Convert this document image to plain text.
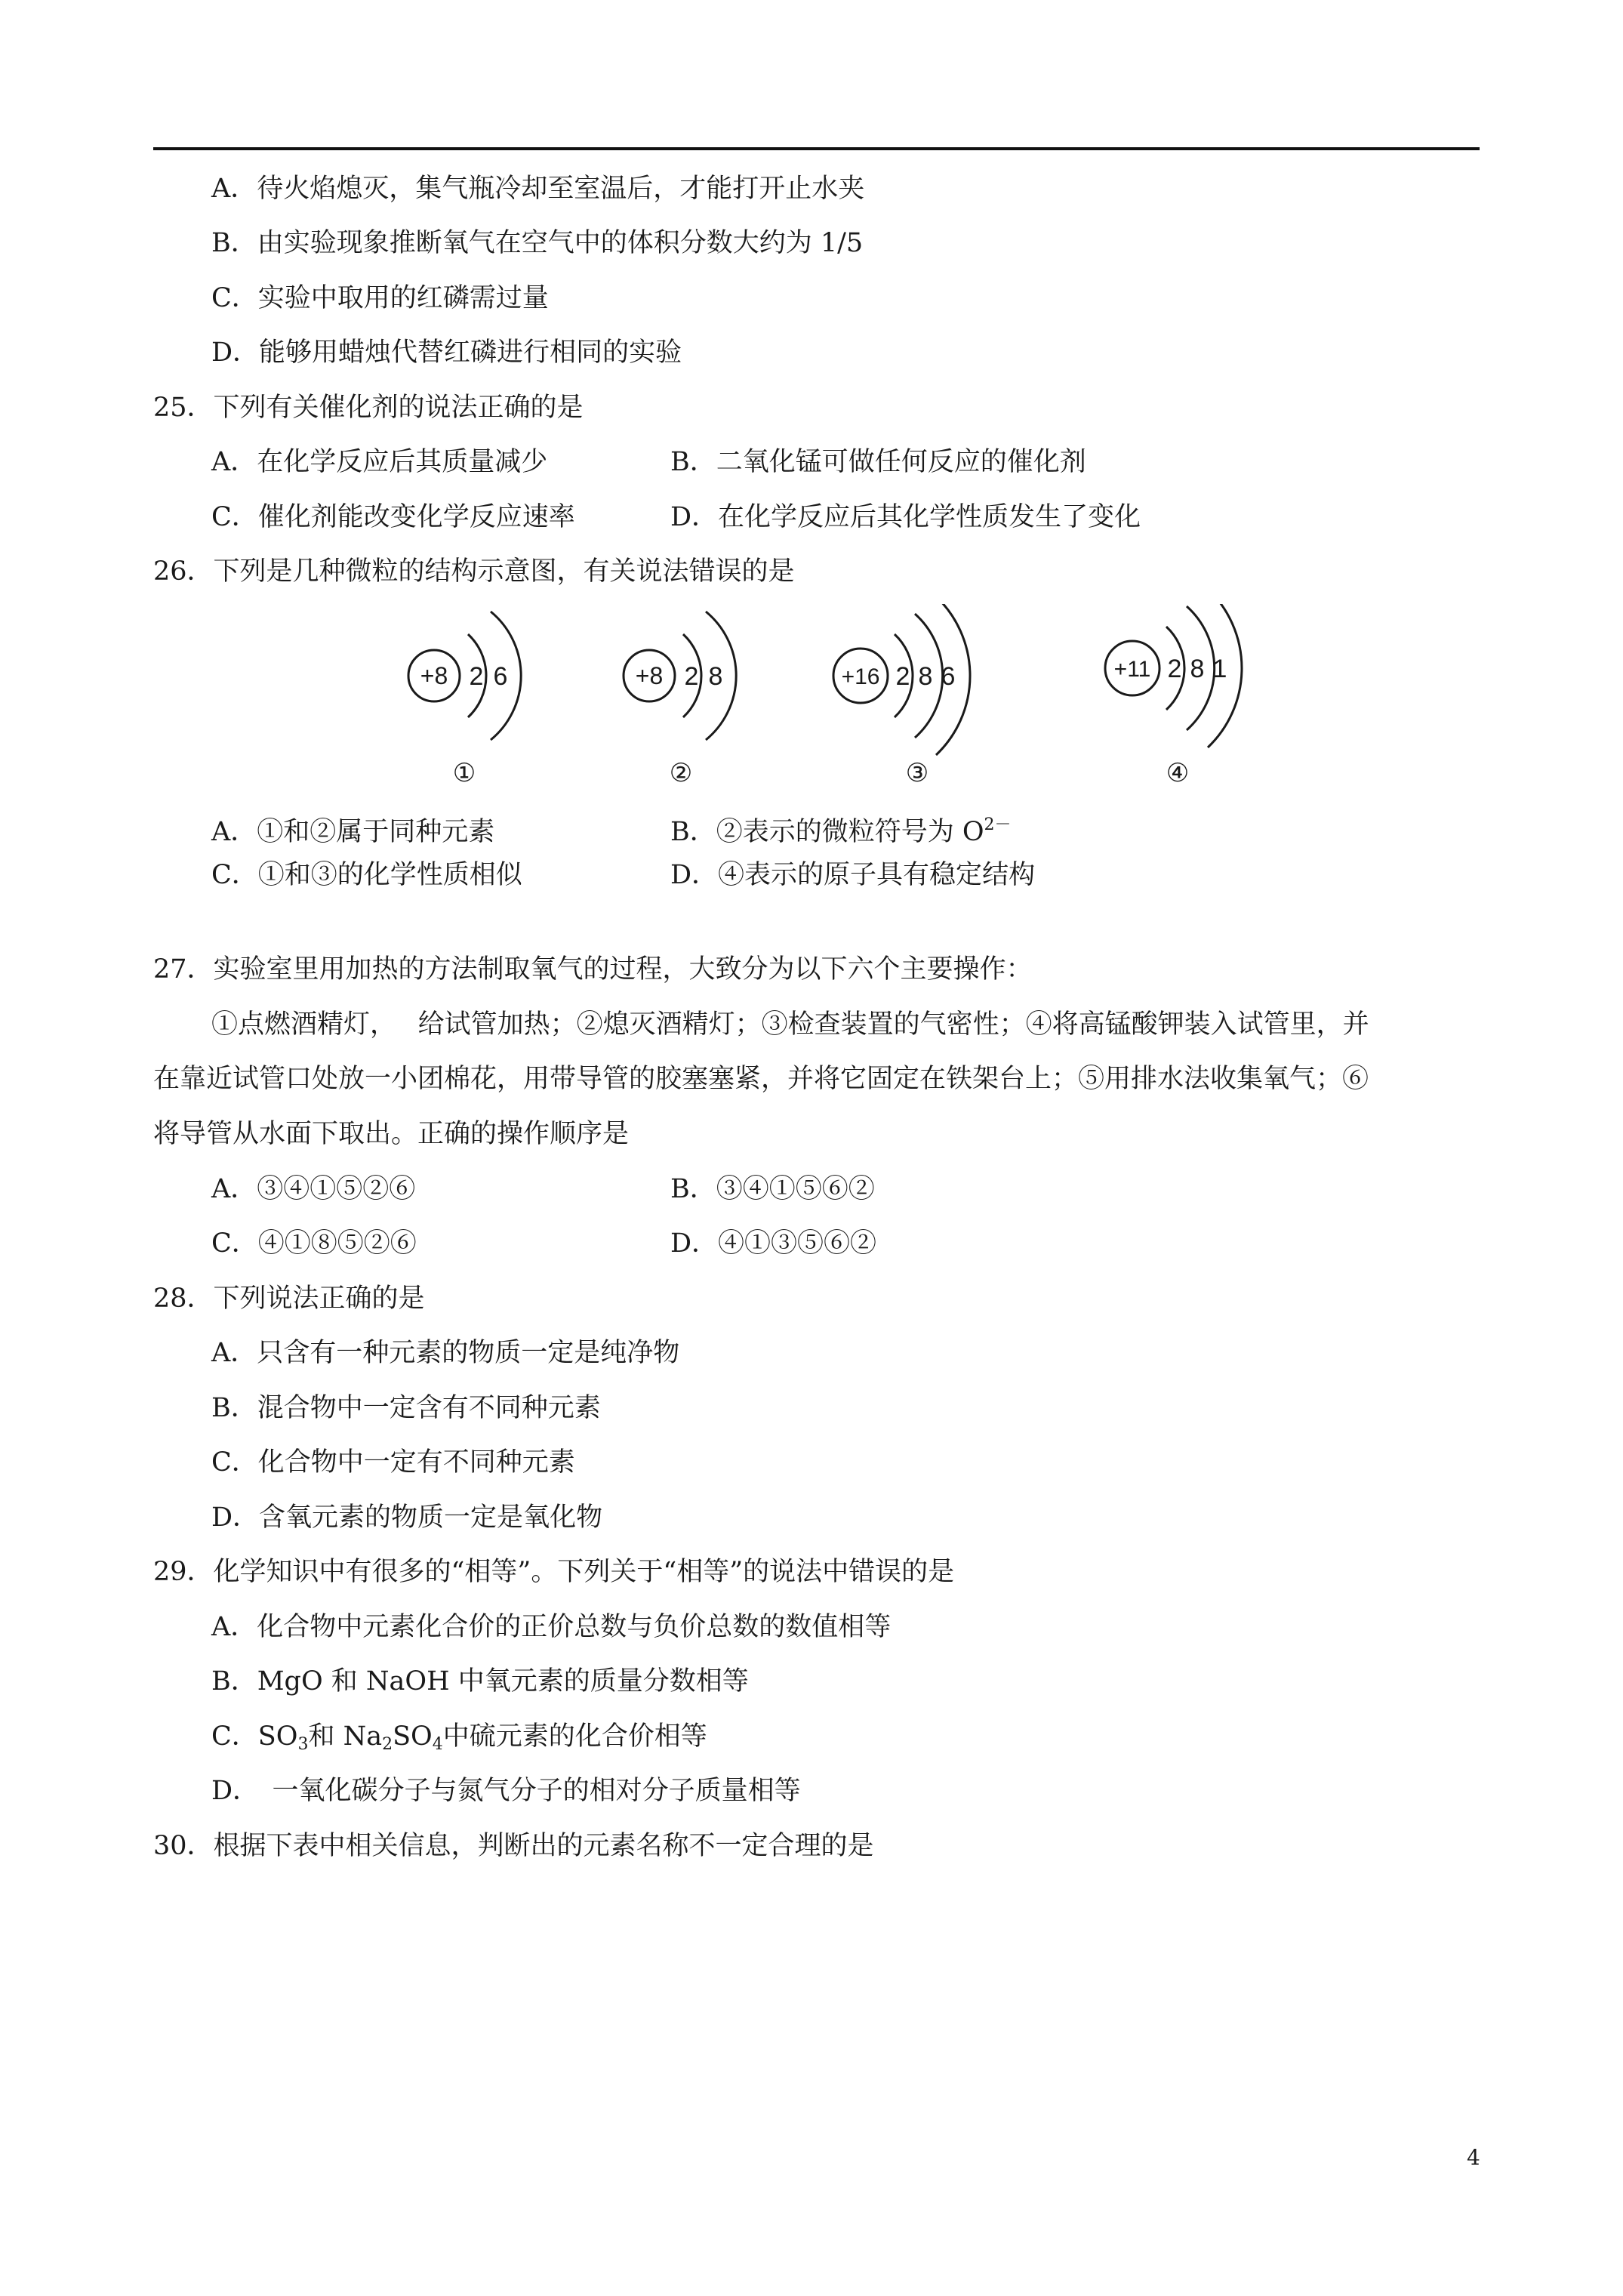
A．待火焰熄灭，集气瓶冷却至室温后，才能打开止水夹
B．由实验现象推断氧气在空气中的体积分数大约为 1/5
C．实验中取用的红磷需过量
D．能够用蜡烛代替红磷进行相同的实验
25．下列有关催化剂的说法正确的是
A．在化学反应后其质量减少	B．二氧化锰可做任何反应的催化剂
C．催化剂能改变化学反应速率	D．在化学反应后其化学性质发生了变化
26．下列是几种微粒的结构示意图，有关说法错误的是
+8 2 6
①
+8 2 8
②
+16 2 8 6
③
+11 2 8 1
④
A．①和②属于同种元素	B．②表示的微粒符号为 $O^{2-}$
C．①和③的化学性质相似	D．④表示的原子具有稳定结构
27．实验室里用加热的方法制取氧气的过程，大致分为以下六个主要操作：
①点燃酒精灯，　 给试管加热；②熄灭酒精灯；③检查装置的气密性；④将高锰酸钾装入试管里，并
在靠近试管口处放一小团棉花，用带导管的胶塞塞紧，并将它固定在铁架台上；⑤用排水法收集氧气；⑥
将导管从水面下取出。正确的操作顺序是
A．③④①⑤②⑥	B．③④①⑤⑥②
C．④①⑧⑤②⑥	D．④①③⑤⑥②
28．下列说法正确的是
A．只含有一种元素的物质一定是纯净物
B．混合物中一定含有不同种元素
C．化合物中一定有不同种元素
D．含氧元素的物质一定是氧化物
29．化学知识中有很多的“相等”。下列关于“相等”的说法中错误的是
A．化合物中元素化合价的正价总数与负价总数的数值相等
B．MgO 和 NaOH 中氧元素的质量分数相等
C．$SO_3$和 $Na_2SO_4$中硫元素的化合价相等
D．　一氧化碳分子与氮气分子的相对分子质量相等
30．根据下表中相关信息，判断出的元素名称不一定合理的是
4
